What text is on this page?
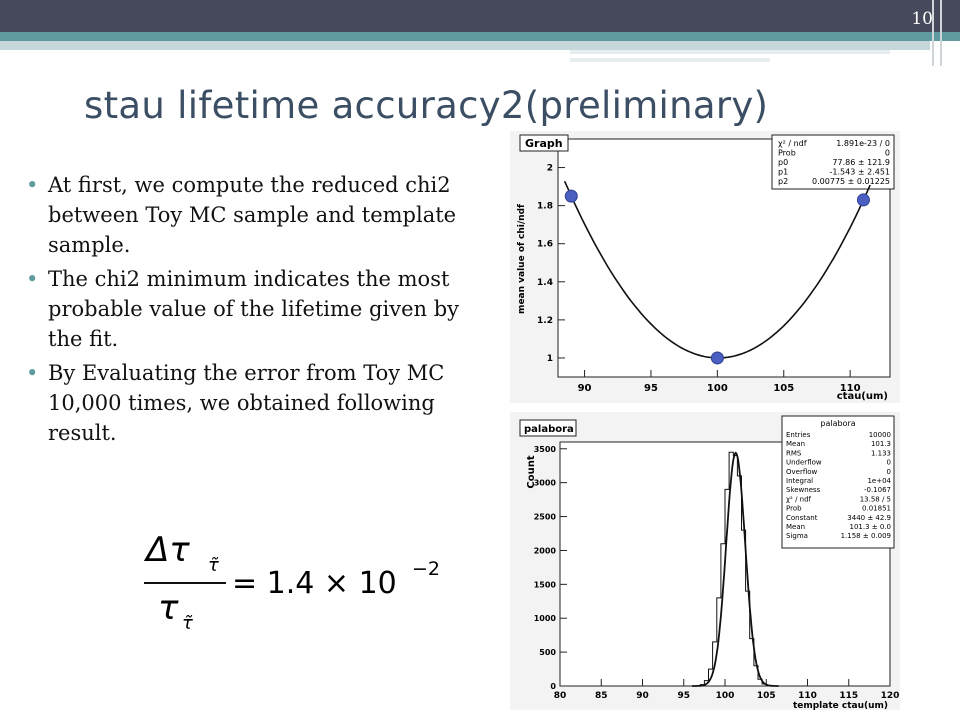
10
stau lifetime accuracy2(preliminary)
• At first, we compute the reduced chi2 between Toy MC sample and template sample.
• The chi2 minimum indicates the most probable value of the lifetime given by the fit.
• By Evaluating the error from Toy MC 10,000 times, we obtained following result.
Δτ τ̃
τ τ̃
= 1.4 × 10 −2
Graph	χ² / ndf	1.891e-23 / 0
Prob	0
p0	77.86 ± 121.9
p1	-1.543 ± 2.451
p2	0.00775 ± 0.01225
90	95	100	105	110
1
1.2
1.4
1.6
1.8
2
mean value of chi/ndf
ctau(um)
palabora
palabora
Entries	10000
Mean	101.3
RMS	1.133
Underflow	0
Overflow	0
Integral	1e+04
Skewness	-0.1067
χ² / ndf	13.58 / 5
Prob	0.01851
Constant	3440 ± 42.9
Mean	101.3 ± 0.0
Sigma	1.158 ± 0.009
80	85	90	95	100 105 110 115 120
0
500
1000
1500
2000
2500
3000
3500
Count
template ctau(um)
